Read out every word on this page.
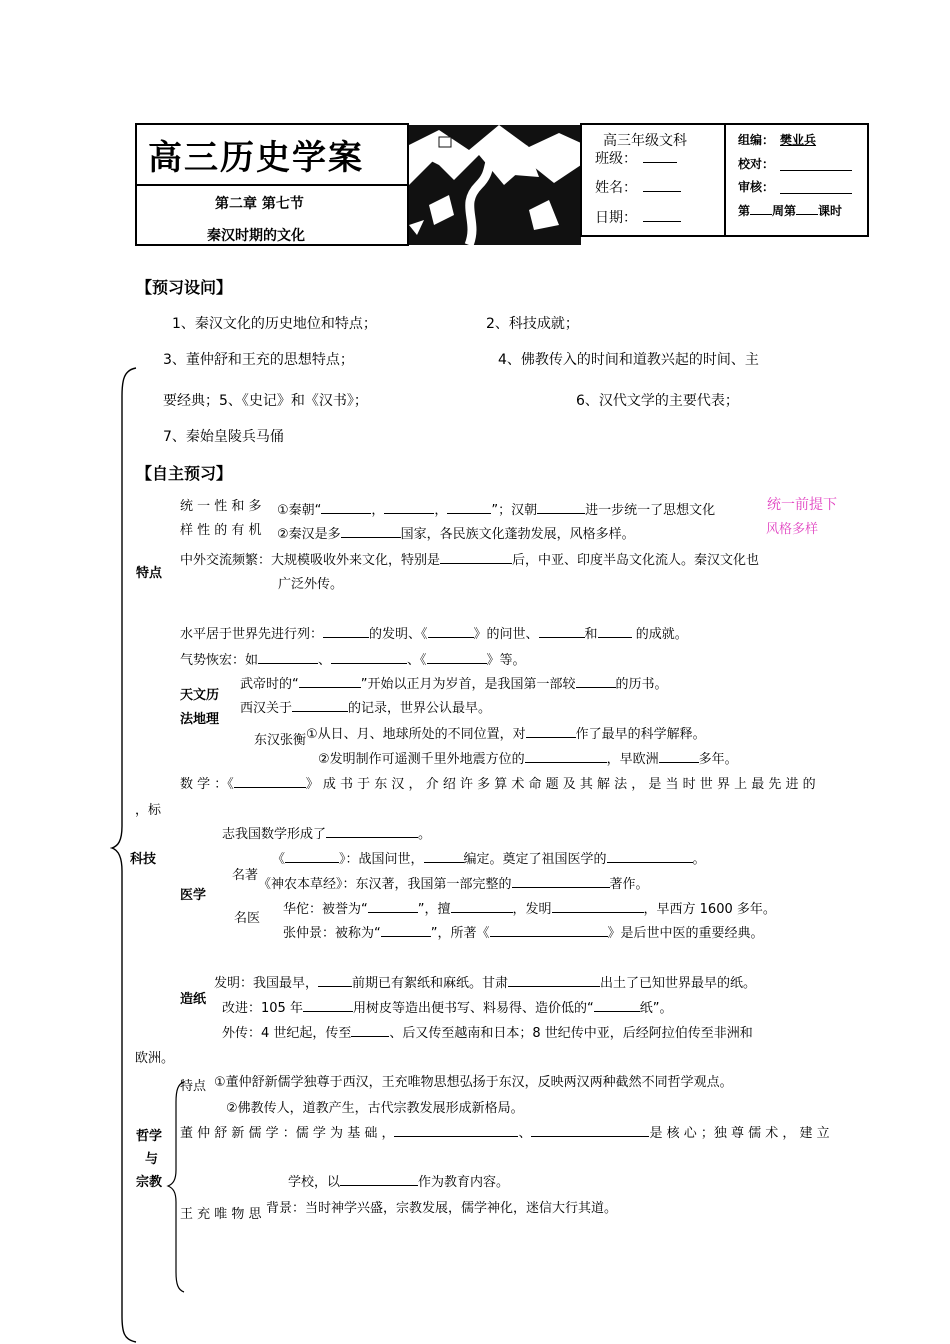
高三历史学案
第二章 第七节
秦汉时期的文化
高三年级文科
班级：
姓名：
日期：
组编： 樊业兵
校对：
审核：
第 周第 课时
【预习设问】
1、秦汉文化的历史地位和特点；	2、科技成就；
3、董仲舒和王充的思想特点；	4、佛教传入的时间和道教兴起的时间、主
要经典；5、《史记》和《汉书》；	6、汉代文学的主要代表；
7、秦始皇陵兵马俑
【自主预习】
特点
统 一 性 和 多
样 性 的 有 机
①秦朝“	，	，	”；汉朝	进一步统一了思想文化	统一前提下
风格多样
②秦汉是多	国家，各民族文化蓬勃发展，风格多样。
中外交流频繁：大规模吸收外来文化，特别是	后，中亚、印度半岛文化流人。秦汉文化也
广泛外传。
水平居于世界先进行列：	的发明、《	》的问世、	和	的成就。
气势恢宏：如	、	、《	》等。
天文历
法地理
武帝时的“	”开始以正月为岁首，是我国第一部较	的历书。
西汉关于	的记录，世界公认最早。
东汉张衡 ①从日、月、地球所处的不同位置，对	作了最早的科学解释。
②发明制作可遥测千里外地震方位的	，早欧洲	多年。
数 学 ：《	》 成 书 于 东 汉 ， 介 绍 许 多 算 术 命 题 及 其 解 法 ， 是 当 时 世 界 上 最 先 进 的
，标
志我国数学形成了	。
科技
医学
名著
《	》：战国问世，	编定。奠定了祖国医学的	。
《神农本草经》：东汉著，我国第一部完整的	著作。
名医
华佗：被誉为“	”，擅	，发明	，早西方 1600 多年。
张仲景：被称为“	”，所著《	》是后世中医的重要经典。
造纸
发明：我国最早，	前期已有絮纸和麻纸。甘肃	出土了已知世界最早的纸。
改进：105 年	用树皮等造出便书写、料易得、造价低的“	纸”。
外传：4 世纪起，传至	、后又传至越南和日本；8 世纪传中亚，后经阿拉伯传至非洲和
欧洲。
哲学
与
宗教
特点 ①董仲舒新儒学独尊于西汉，王充唯物思想弘扬于东汉，反映两汉两种截然不同哲学观点。
②佛教传人，道教产生，古代宗教发展形成新格局。
董 仲 舒 新 儒 学 ：儒 学 为 基 础 ，	、	是 核 心 ；独 尊 儒 术 ， 建 立
学校，以	作为教育内容。
王 充 唯 物 思 背景：当时神学兴盛，宗教发展，儒学神化，迷信大行其道。
